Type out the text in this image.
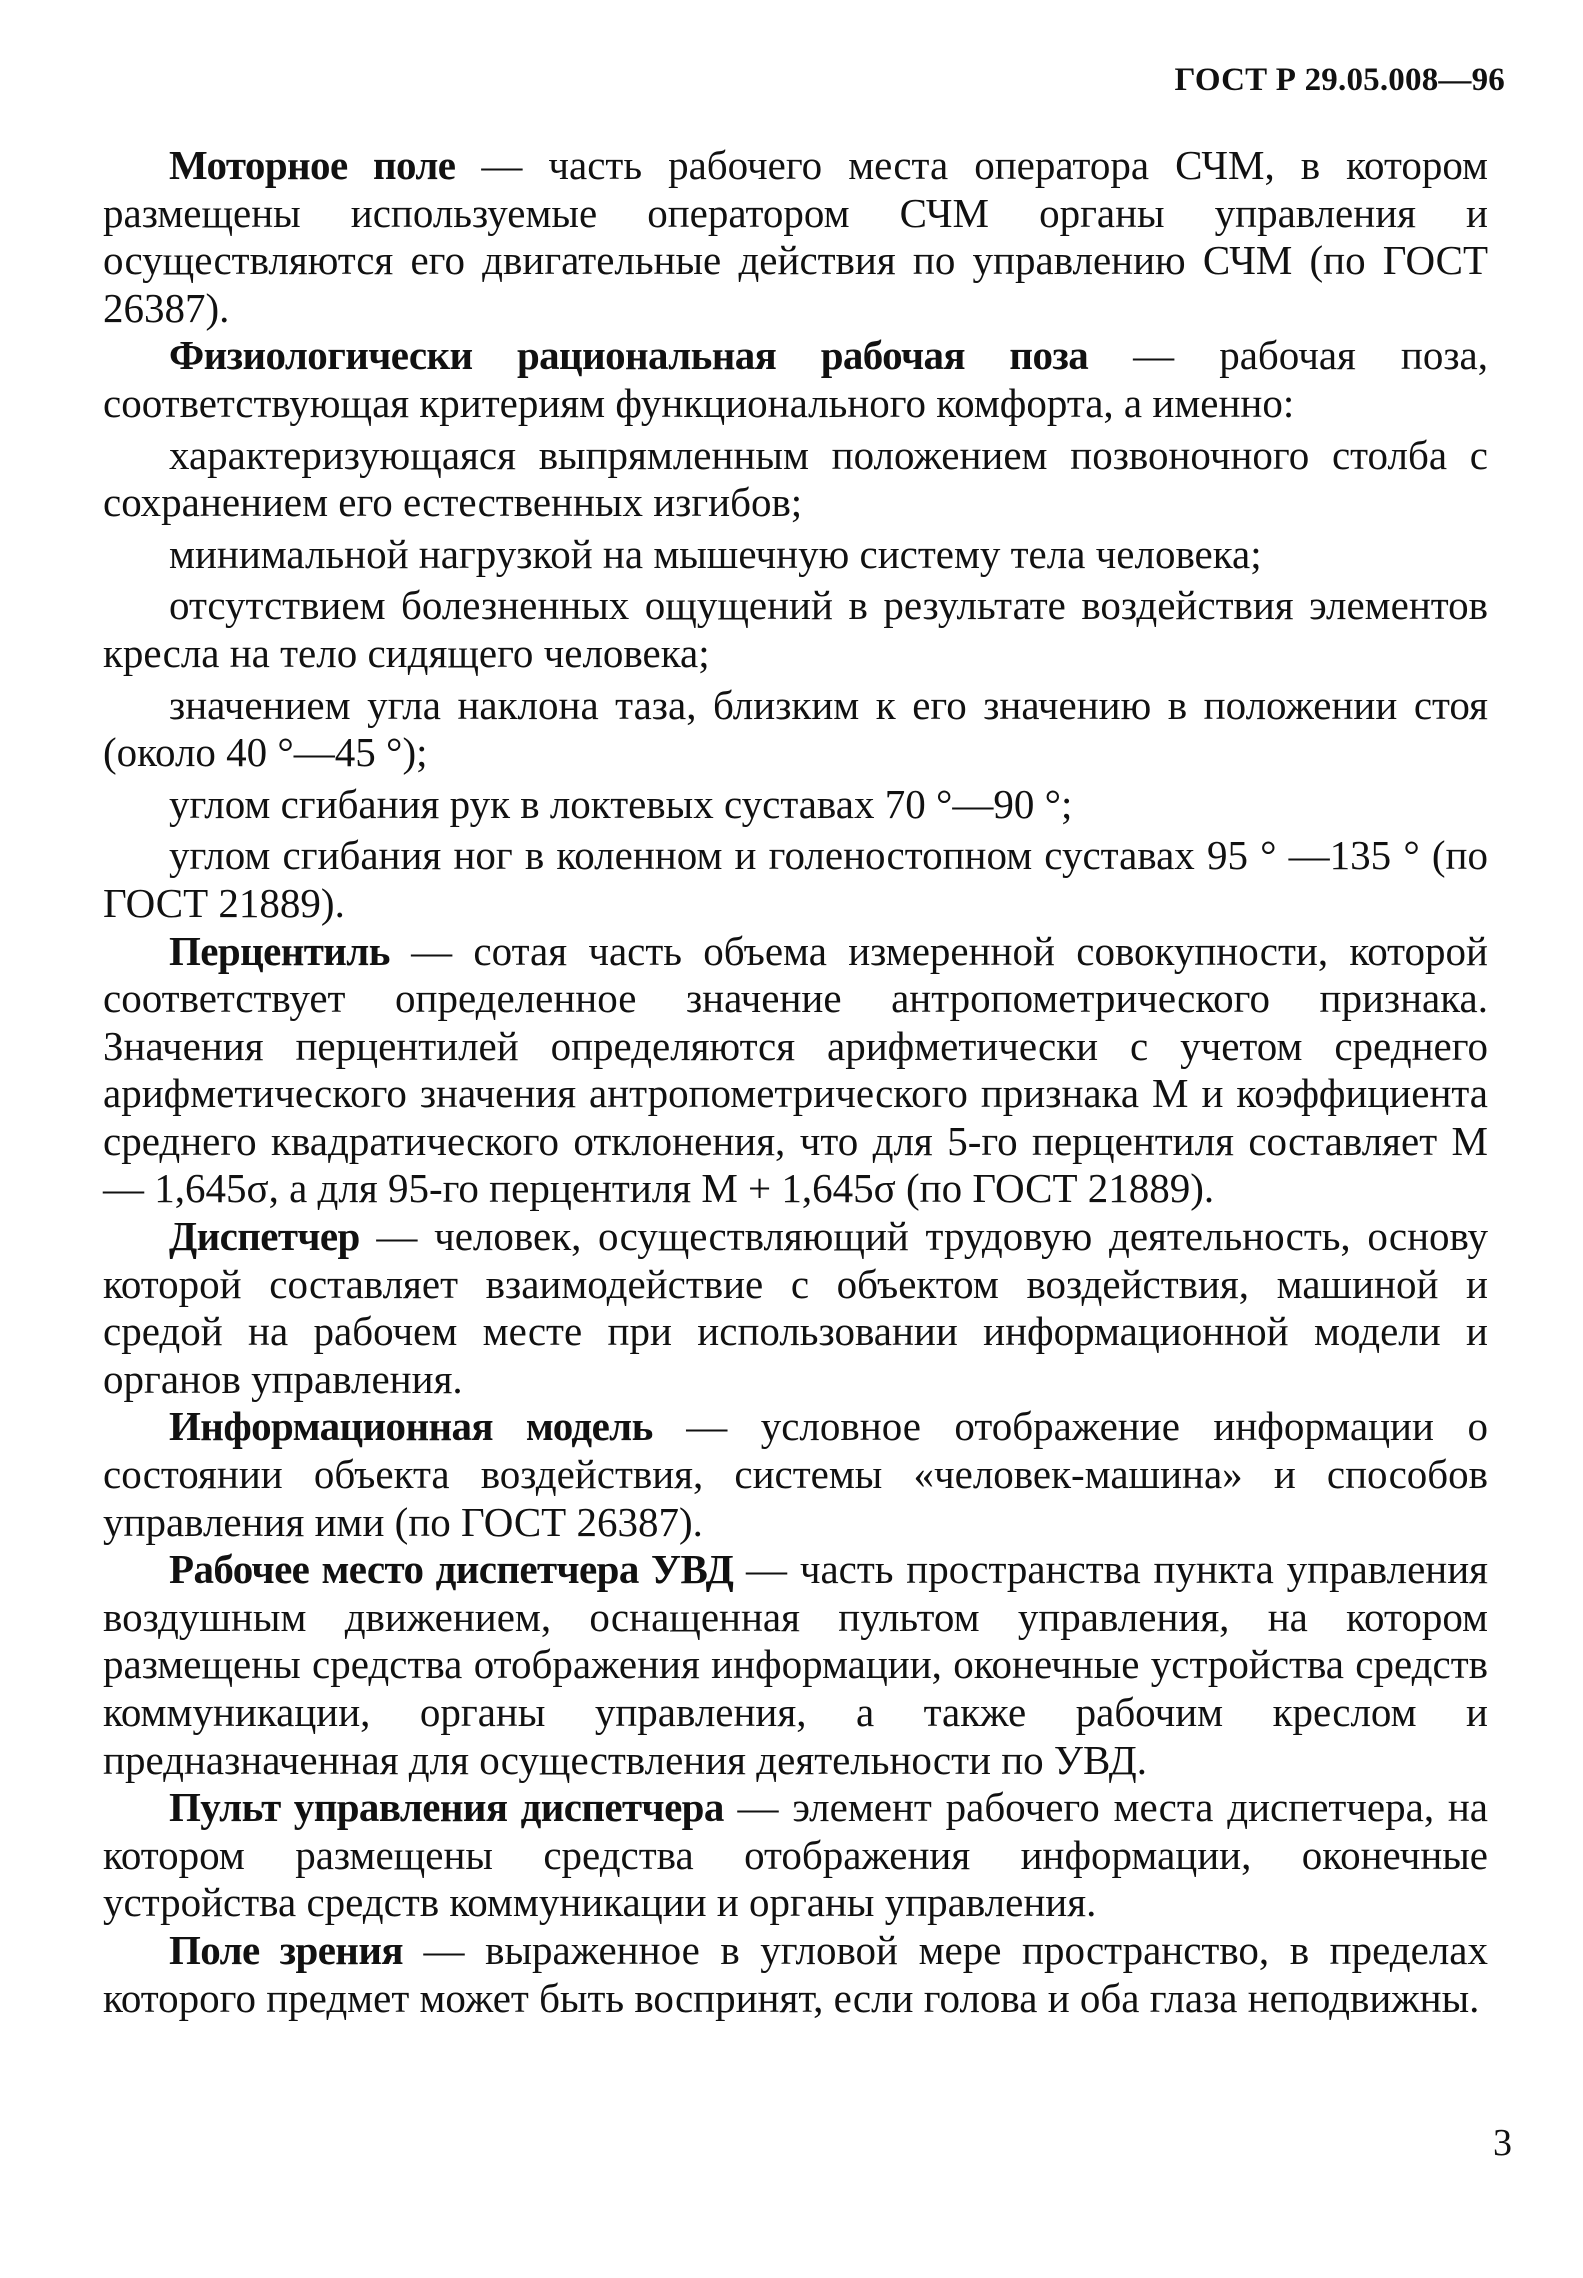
ГОСТ Р 29.05.008—96

Моторное поле — часть рабочего места оператора СЧМ, в котором размещены используемые оператором СЧМ органы управления и осуществляются его двигательные действия по управлению СЧМ (по ГОСТ 26387).

Физиологически рациональная рабочая поза — рабочая поза, соответствующая критериям функционального комфорта, а именно:

характеризующаяся выпрямленным положением позвоночного столба с сохранением его естественных изгибов;

минимальной нагрузкой на мышечную систему тела человека;

отсутствием болезненных ощущений в результате воздействия элементов кресла на тело сидящего человека;

значением угла наклона таза, близким к его значению в положении стоя (около 40 °—45 °);

углом сгибания рук в локтевых суставах 70 °—90 °;

углом сгибания ног в коленном и голеностопном суставах 95 ° —135 ° (по ГОСТ 21889).

Перцентиль — сотая часть объема измеренной совокупности, которой соответствует определенное значение антропометрического признака. Значения перцентилей определяются арифметически с учетом среднего арифметического значения антропометрического признака М и коэффициента среднего квадратического отклонения, что для 5-го перцентиля составляет М — 1,645σ, а для 95-го перцентиля М + 1,645σ (по ГОСТ 21889).

Диспетчер — человек, осуществляющий трудовую деятельность, основу которой составляет взаимодействие с объектом воздействия, машиной и средой на рабочем месте при использовании информационной модели и органов управления.

Информационная модель — условное отображение информации о состоянии объекта воздействия, системы «человек-машина» и способов управления ими (по ГОСТ 26387).

Рабочее место диспетчера УВД — часть пространства пункта управления воздушным движением, оснащенная пультом управления, на котором размещены средства отображения информации, оконечные устройства средств коммуникации, органы управления, а также рабочим креслом и предназначенная для осуществления деятельности по УВД.

Пульт управления диспетчера — элемент рабочего места диспетчера, на котором размещены средства отображения информации, оконечные устройства средств коммуникации и органы управления.

Поле зрения — выраженное в угловой мере пространство, в пределах которого предмет может быть воспринят, если голова и оба глаза неподвижны.

3
